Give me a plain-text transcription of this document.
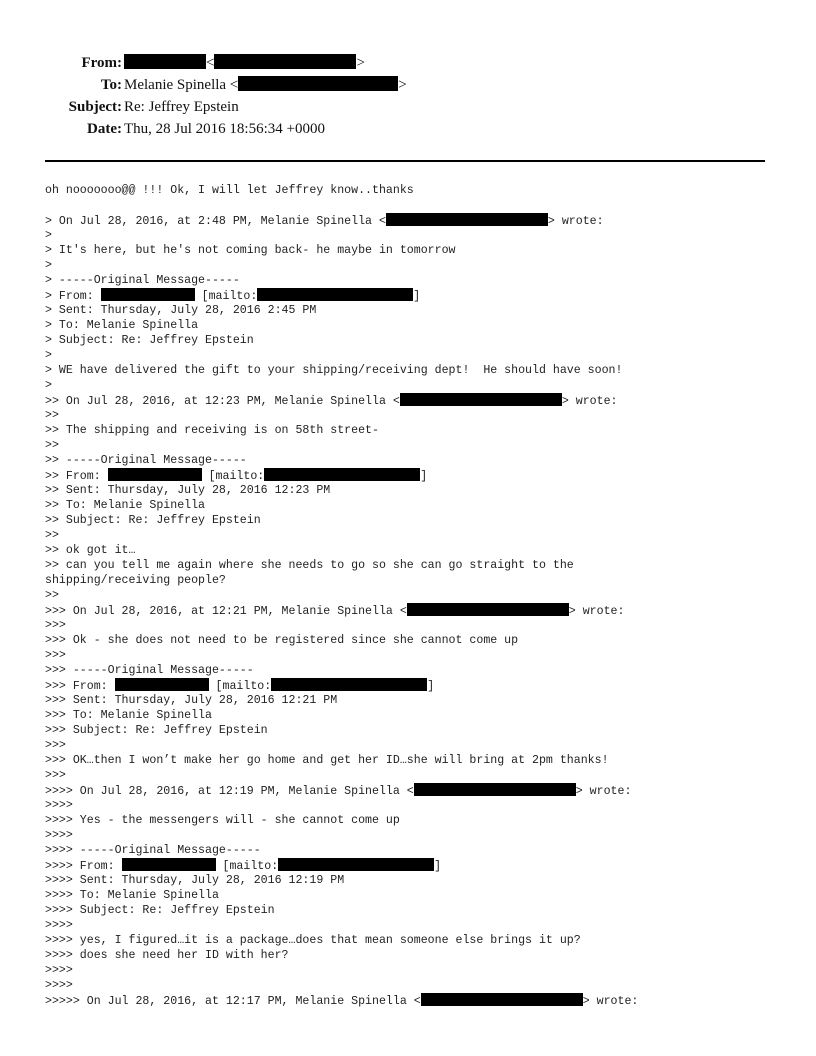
From:	<	>
To: Melanie Spinella <	>
Subject: Re: Jeffrey Epstein
Date: Thu, 28 Jul 2016 18:56:34 +0000
oh nooooooo@@ !!! Ok, I will let Jeffrey know..thanks
> On Jul 28, 2016, at 2:48 PM, Melanie Spinella <	> wrote:
>
> It's here, but he's not coming back- he maybe in tomorrow
>
> -----Original Message-----
> From:	[mailto:	]
> Sent: Thursday, July 28, 2016 2:45 PM
> To: Melanie Spinella
> Subject: Re: Jeffrey Epstein
>
> WE have delivered the gift to your shipping/receiving dept!  He should have soon!
>
>> On Jul 28, 2016, at 12:23 PM, Melanie Spinella <	> wrote:
>>
>> The shipping and receiving is on 58th street-
>>
>> -----Original Message-----
>> From:	[mailto:	]
>> Sent: Thursday, July 28, 2016 12:23 PM
>> To: Melanie Spinella
>> Subject: Re: Jeffrey Epstein
>>
>> ok got it…
>> can you tell me again where she needs to go so she can go straight to the
shipping/receiving people?
>>
>>> On Jul 28, 2016, at 12:21 PM, Melanie Spinella <	> wrote:
>>>
>>> Ok - she does not need to be registered since she cannot come up
>>>
>>> -----Original Message-----
>>> From:	[mailto:	]
>>> Sent: Thursday, July 28, 2016 12:21 PM
>>> To: Melanie Spinella
>>> Subject: Re: Jeffrey Epstein
>>>
>>> OK…then I won’t make her go home and get her ID…she will bring at 2pm thanks!
>>>
>>>> On Jul 28, 2016, at 12:19 PM, Melanie Spinella <	> wrote:
>>>>
>>>> Yes - the messengers will - she cannot come up
>>>>
>>>> -----Original Message-----
>>>> From:	[mailto:	]
>>>> Sent: Thursday, July 28, 2016 12:19 PM
>>>> To: Melanie Spinella
>>>> Subject: Re: Jeffrey Epstein
>>>>
>>>> yes, I figured…it is a package…does that mean someone else brings it up?
>>>> does she need her ID with her?
>>>>
>>>>
>>>>> On Jul 28, 2016, at 12:17 PM, Melanie Spinella <	> wrote:
